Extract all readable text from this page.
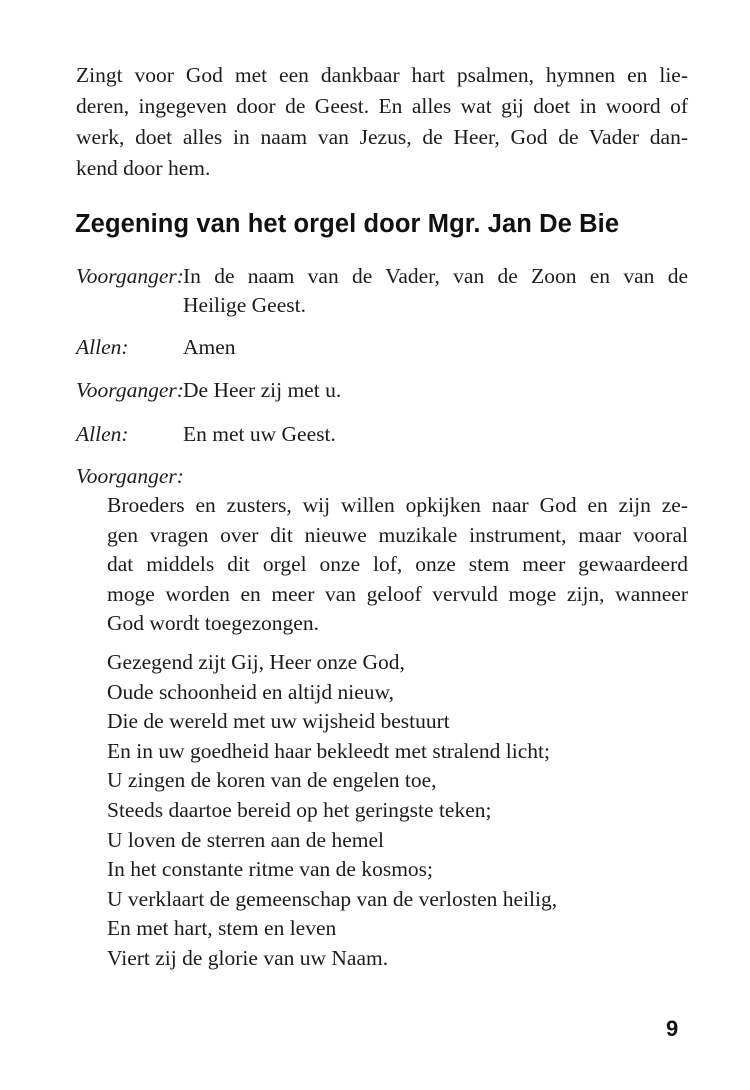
Zingt voor God met een dankbaar hart psalmen, hymnen en lie-
deren, ingegeven door de Geest. En alles wat gij doet in woord of
werk, doet alles in naam van Jezus, de Heer, God de Vader dan-
kend door hem.

Zegening van het orgel door Mgr. Jan De Bie
Voorganger: In de naam van de Vader, van de Zoon en van de
Heilige Geest.
Allen:	Amen
Voorganger: De Heer zij met u.
Allen:	En met uw Geest.
Voorganger:
Broeders en zusters, wij willen opkijken naar God en zijn ze-
gen vragen over dit nieuwe muzikale instrument, maar vooral
dat middels dit orgel onze lof, onze stem meer gewaardeerd
moge worden en meer van geloof vervuld moge zijn, wanneer
God wordt toegezongen.
Gezegend zijt Gij, Heer onze God,
Oude schoonheid en altijd nieuw,
Die de wereld met uw wijsheid bestuurt
En in uw goedheid haar bekleedt met stralend licht;
U zingen de koren van de engelen toe,
Steeds daartoe bereid op het geringste teken;
U loven de sterren aan de hemel
In het constante ritme van de kosmos;
U verklaart de gemeenschap van de verlosten heilig,
En met hart, stem en leven
Viert zij de glorie van uw Naam.
9
